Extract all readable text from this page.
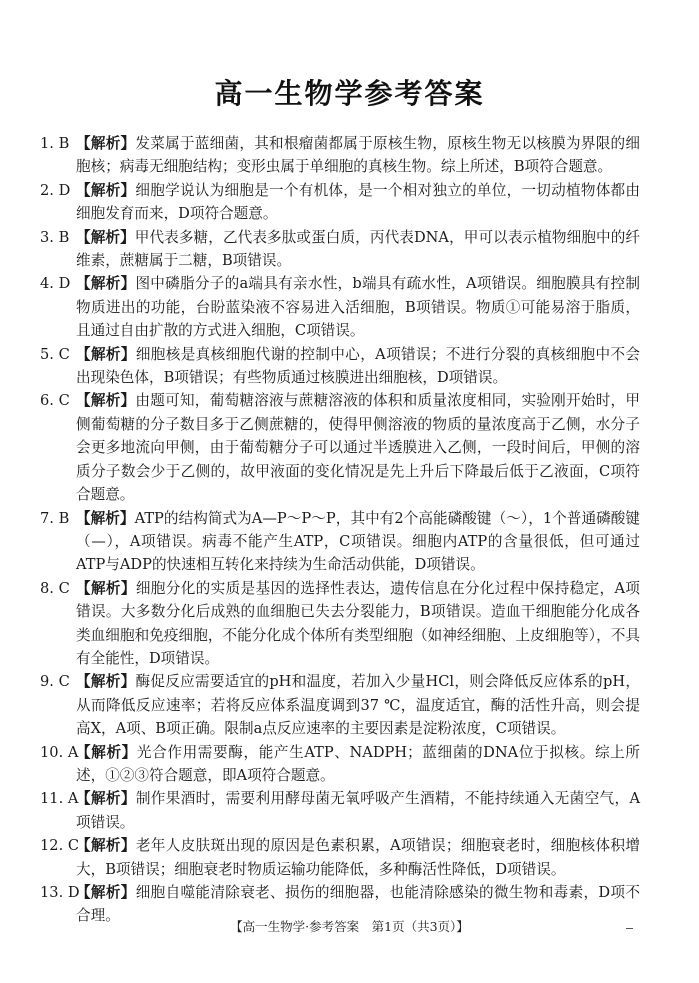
高一生物学参考答案
1. B 【解析】发菜属于蓝细菌，其和根瘤菌都属于原核生物，原核生物无以核膜为界限的细胞核；病毒无细胞结构；变形虫属于单细胞的真核生物。综上所述，B项符合题意。
2. D 【解析】细胞学说认为细胞是一个有机体，是一个相对独立的单位，一切动植物体都由细胞发育而来，D项符合题意。
3. B 【解析】甲代表多糖，乙代表多肽或蛋白质，丙代表DNA，甲可以表示植物细胞中的纤维素，蔗糖属于二糖，B项错误。
4. D 【解析】图中磷脂分子的a端具有亲水性，b端具有疏水性，A项错误。细胞膜具有控制物质进出的功能，台盼蓝染液不容易进入活细胞，B项错误。物质①可能易溶于脂质，且通过自由扩散的方式进入细胞，C项错误。
5. C 【解析】细胞核是真核细胞代谢的控制中心，A项错误；不进行分裂的真核细胞中不会出现染色体，B项错误；有些物质通过核膜进出细胞核，D项错误。
6. C 【解析】由题可知，葡萄糖溶液与蔗糖溶液的体积和质量浓度相同，实验刚开始时，甲侧葡萄糖的分子数目多于乙侧蔗糖的，使得甲侧溶液的物质的量浓度高于乙侧，水分子会更多地流向甲侧，由于葡萄糖分子可以通过半透膜进入乙侧，一段时间后，甲侧的溶质分子数会少于乙侧的，故甲液面的变化情况是先上升后下降最后低于乙液面，C项符合题意。
7. B 【解析】ATP的结构简式为A—P～P～P，其中有2个高能磷酸键（～），1个普通磷酸键（—），A项错误。病毒不能产生ATP，C项错误。细胞内ATP的含量很低，但可通过ATP与ADP的快速相互转化来持续为生命活动供能，D项错误。
8. C 【解析】细胞分化的实质是基因的选择性表达，遗传信息在分化过程中保持稳定，A项错误。大多数分化后成熟的血细胞已失去分裂能力，B项错误。造血干细胞能分化成各类血细胞和免疫细胞，不能分化成个体所有类型细胞（如神经细胞、上皮细胞等），不具有全能性，D项错误。
9. C 【解析】酶促反应需要适宜的pH和温度，若加入少量HCl，则会降低反应体系的pH，从而降低反应速率；若将反应体系温度调到37 ℃，温度适宜，酶的活性升高，则会提高X，A项、B项正确。限制a点反应速率的主要因素是淀粉浓度，C项错误。
10. A
【解析】光合作用需要酶，能产生ATP、NADPH；蓝细菌的DNA位于拟核。综上所述，①②③符合题意，即A项符合题意。
11. A
【解析】制作果酒时，需要利用酵母菌无氧呼吸产生酒精，不能持续通入无菌空气，A项错误。
12. C
【解析】老年人皮肤斑出现的原因是色素积累，A项错误；细胞衰老时，细胞核体积增大，B项错误；细胞衰老时物质运输功能降低，多种酶活性降低，D项错误。
13. D
【解析】细胞自噬能清除衰老、损伤的细胞器，也能清除感染的微生物和毒素，D项不合理。
【高一生物学·参考答案　第1页（共3页）】
